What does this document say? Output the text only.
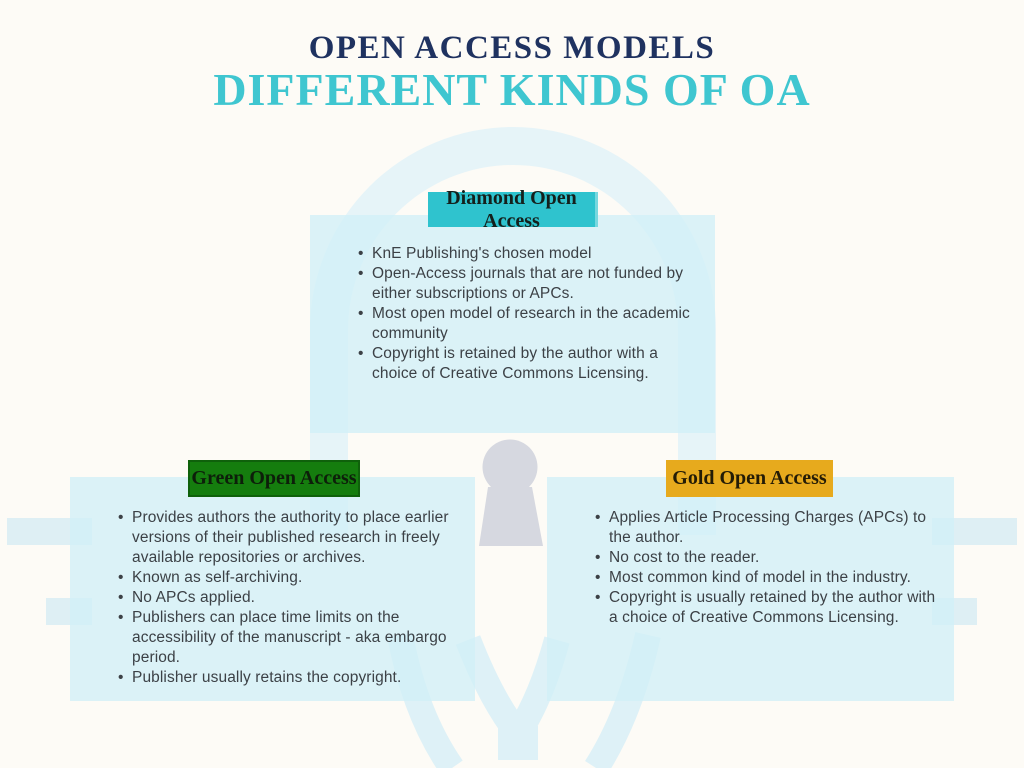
OPEN ACCESS MODELS
DIFFERENT KINDS OF OA
Diamond Open Access
Green Open Access	Gold Open Access
• KnE Publishing's chosen model
• Open-Access journals that are not funded by either subscriptions or APCs.
• Most open model of research in the academic community
• Copyright is retained by the author with a choice of Creative Commons Licensing.
• Provides authors the authority to place earlier versions of their published research in freely available repositories or archives.
• Known as self-archiving.
• No APCs applied.
• Publishers can place time limits on the accessibility of the manuscript - aka embargo period.
• Publisher usually retains the copyright.
• Applies Article Processing Charges (APCs) to the author.
• No cost to the reader.
• Most common kind of model in the industry.
• Copyright is usually retained by the author with a choice of Creative Commons Licensing.
